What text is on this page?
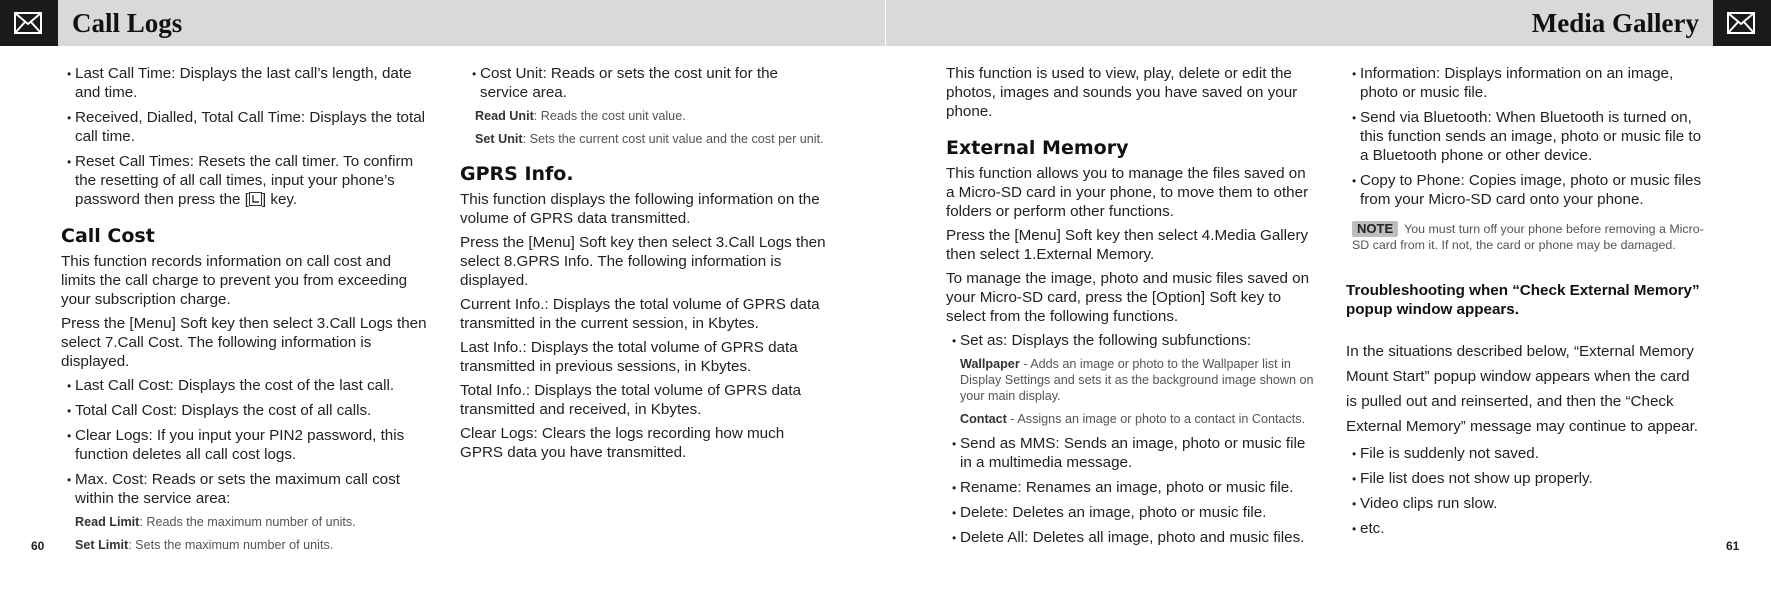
Call Logs	Media Gallery
• Last Call Time: Displays the last call’s length, date and time.
• Received, Dialled, Total Call Time: Displays the total call time.
• Reset Call Times: Resets the call timer. To confirm the resetting of all call times, input your phone’s password then press the [ ] key.
Call Cost

This function records information on call cost and limits the call charge to prevent you from exceeding your subscription charge.

Press the [Menu] Soft key then select 3.Call Logs then select 7.Call Cost. The following information is displayed.

• Last Call Cost: Displays the cost of the last call.
• Total Call Cost: Displays the cost of all calls.
• Clear Logs: If you input your PIN2 password, this function deletes all call cost logs.
• Max. Cost: Reads or sets the maximum call cost within the service area:
Read Limit: Reads the maximum number of units.
Set Limit: Sets the maximum number of units.
• Cost Unit: Reads or sets the cost unit for the service area.
Read Unit: Reads the cost unit value.
Set Unit: Sets the current cost unit value and the cost per unit.
GPRS Info.

This function displays the following information on the volume of GPRS data transmitted.

Press the [Menu] Soft key then select 3.Call Logs then select 8.GPRS Info. The following information is displayed.

Current Info.: Displays the total volume of GPRS data transmitted in the current session, in Kbytes.

Last Info.: Displays the total volume of GPRS data transmitted in previous sessions, in Kbytes.

Total Info.: Displays the total volume of GPRS data transmitted and received, in Kbytes.

Clear Logs: Clears the logs recording how much GPRS data you have transmitted.

This function is used to view, play, delete or edit the photos, images and sounds you have saved on your phone.

External Memory

This function allows you to manage the files saved on a Micro-SD card in your phone, to move them to other folders or perform other functions.

Press the [Menu] Soft key then select 4.Media Gallery then select 1.External Memory.

To manage the image, photo and music files saved on your Micro-SD card, press the [Option] Soft key to select from the following functions.

• Set as: Displays the following subfunctions:
Wallpaper - Adds an image or photo to the Wallpaper list in Display Settings and sets it as the background image shown on your main display.
Contact - Assigns an image or photo to a contact in Contacts.
• Send as MMS: Sends an image, photo or music file in a multimedia message.
• Rename: Renames an image, photo or music file.
• Delete: Deletes an image, photo or music file.
• Delete All: Deletes all image, photo and music files.
• Information: Displays information on an image, photo or music file.
• Send via Bluetooth: When Bluetooth is turned on, this function sends an image, photo or music file to a Bluetooth phone or other device.
• Copy to Phone: Copies image, photo or music files from your Micro-SD card onto your phone.
NOTE You must turn off your phone before removing a Micro-SD card from it. If not, the card or phone may be damaged.
Troubleshooting when “Check External Memory” popup window appears.

In the situations described below, “External Memory Mount Start” popup window appears when the card is pulled out and reinserted, and then the “Check External Memory” message may continue to appear.

• File is suddenly not saved.
• File list does not show up properly.
• Video clips run slow.
• etc.
60	61
